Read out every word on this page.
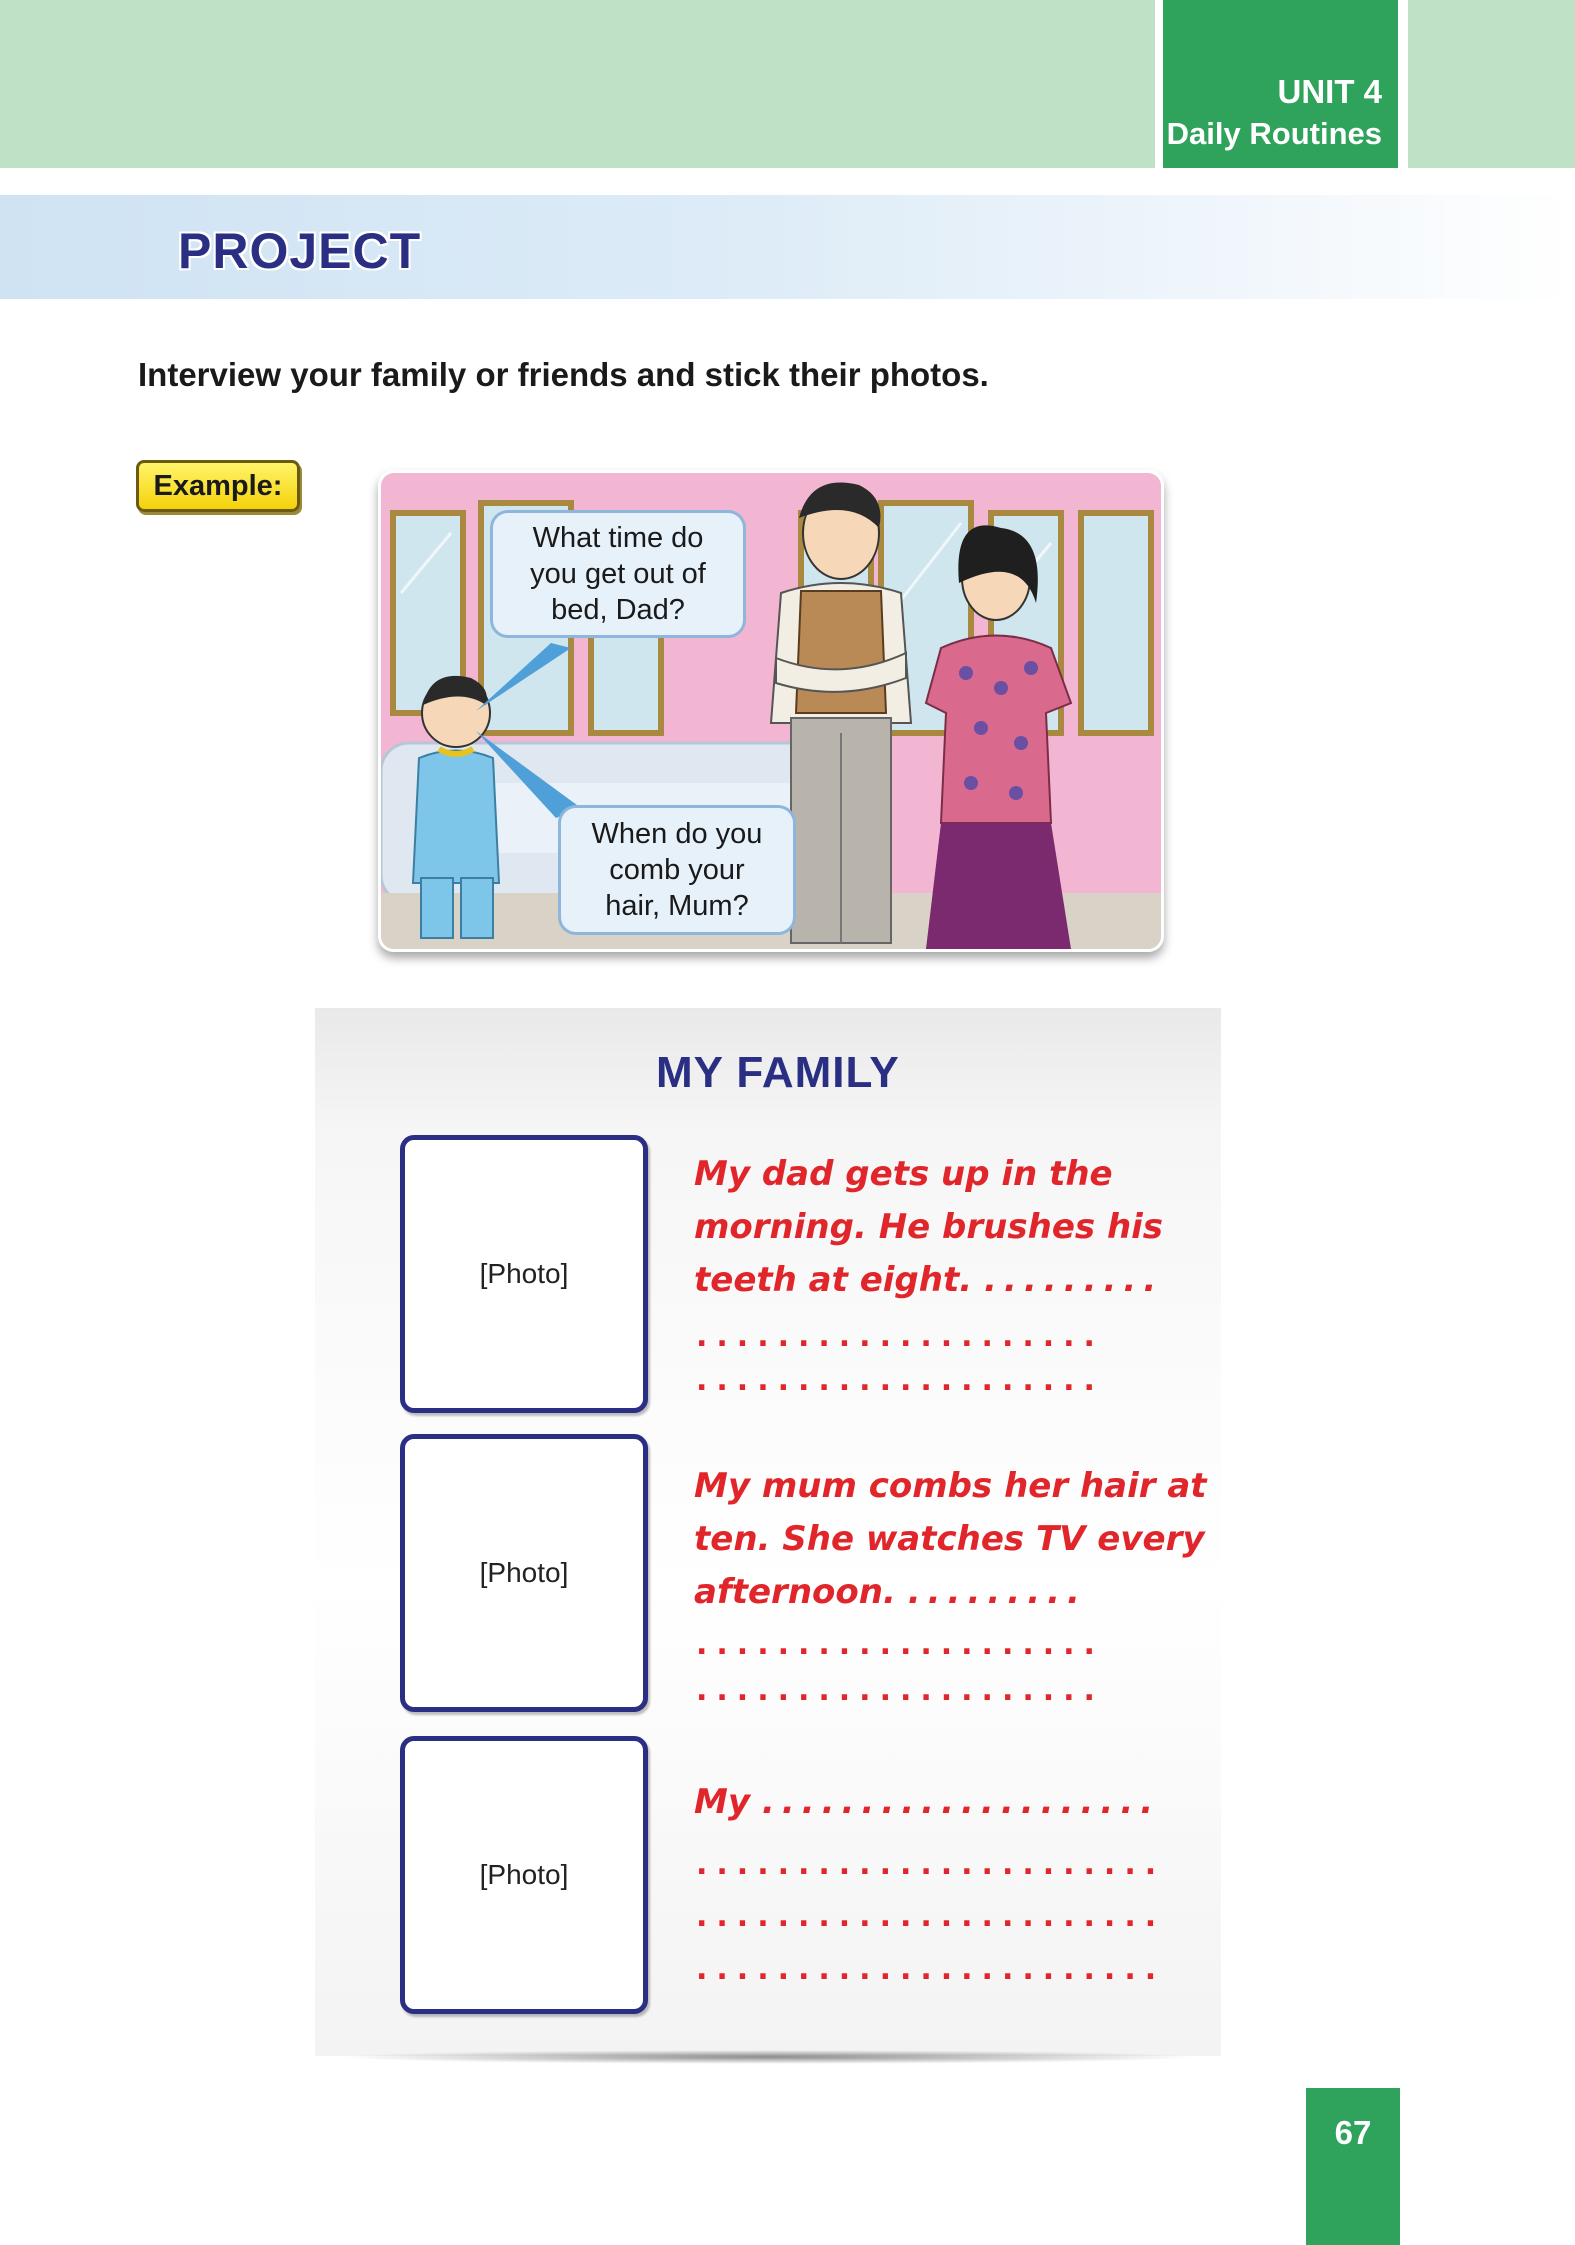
UNIT 4
Daily Routines
PROJECT
Interview your family or friends and stick their photos.
Example:
What time do
you get out of
bed, Dad?
When do you
comb your
hair, Mum?
MY FAMILY
[Photo]
My dad gets up in the
morning. He brushes his
teeth at eight. .........
....................
....................
[Photo]
My mum combs her hair at
ten. She watches TV every
afternoon. .........
....................
....................
[Photo]
My ....................
.......................
.......................
.......................
67
